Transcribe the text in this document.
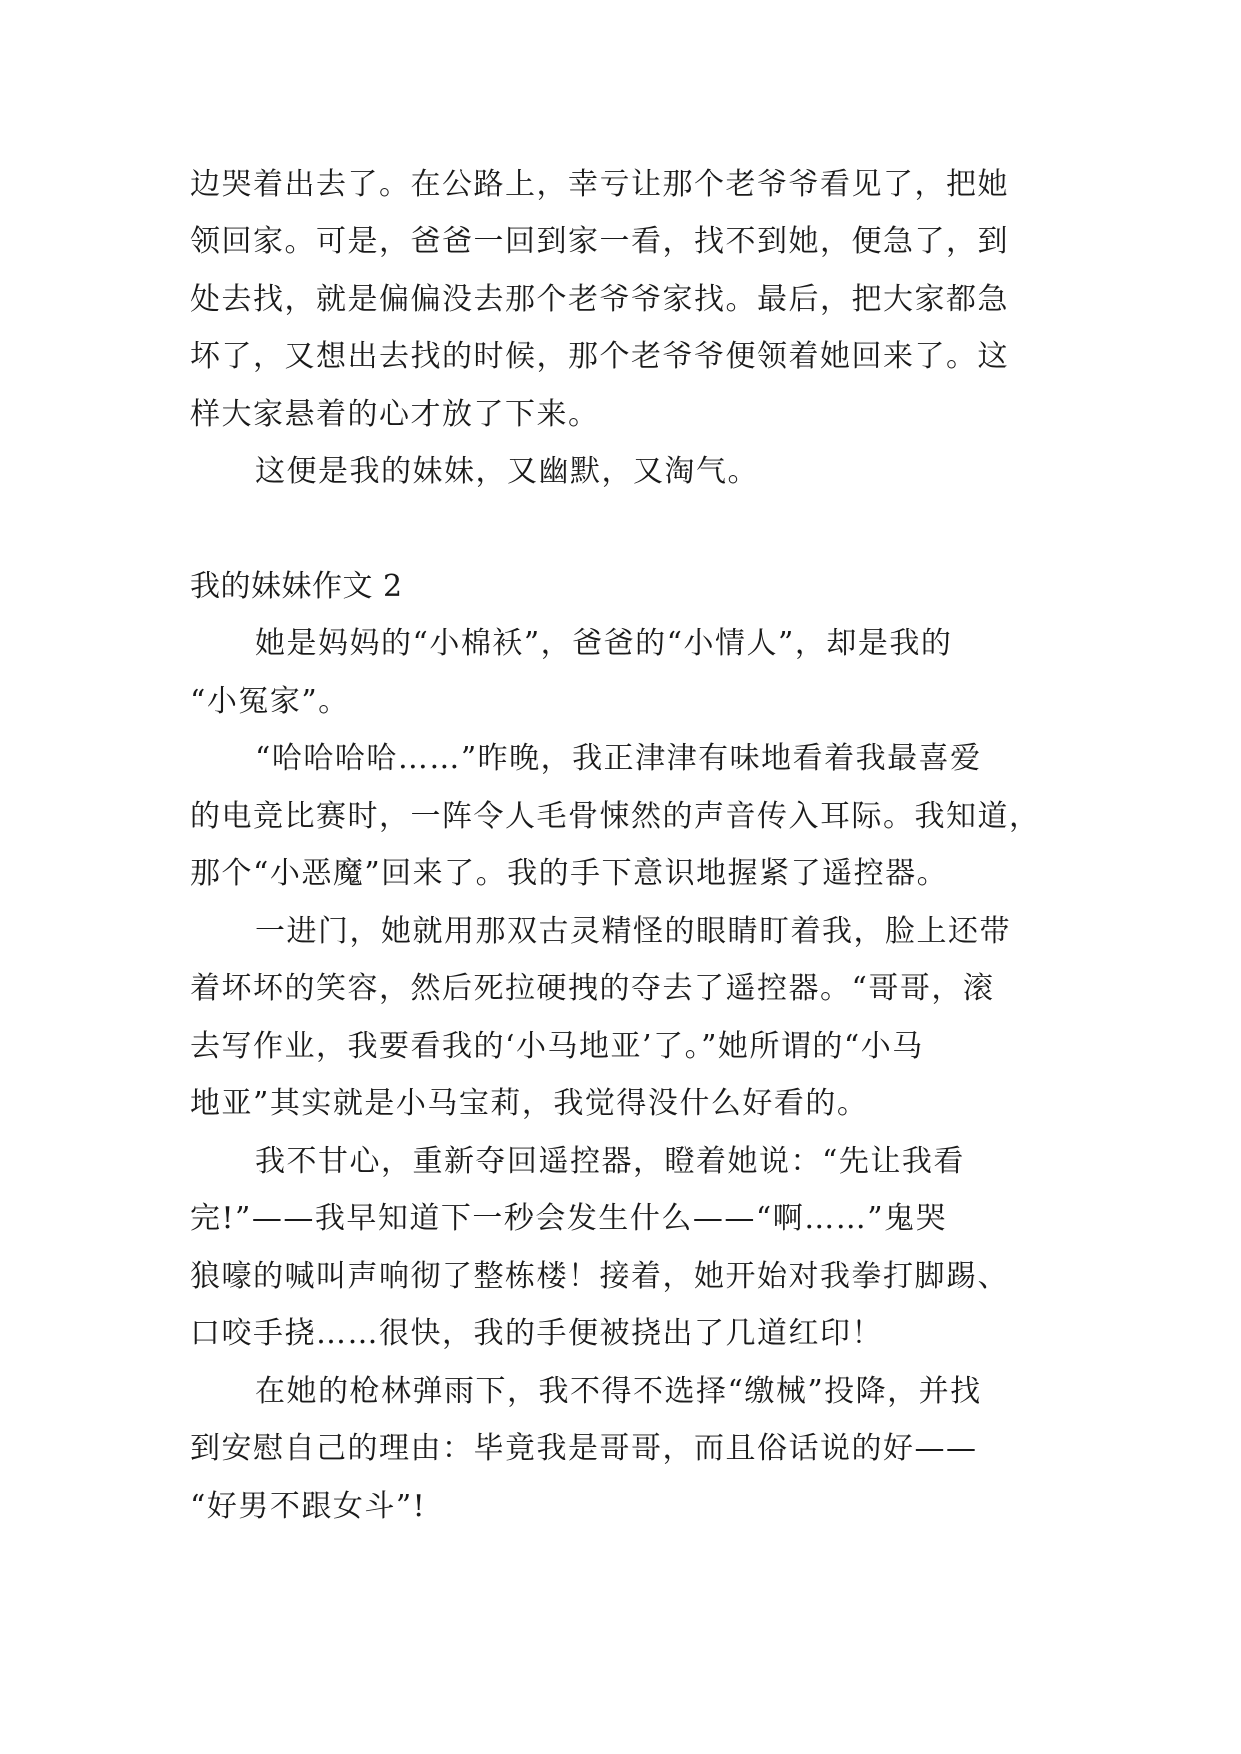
边哭着出去了。在公路上，幸亏让那个老爷爷看见了，把她
领回家。可是，爸爸一回到家一看，找不到她，便急了，到
处去找，就是偏偏没去那个老爷爷家找。最后，把大家都急
坏了，又想出去找的时候，那个老爷爷便领着她回来了。这
样大家悬着的心才放了下来。
这便是我的妹妹，又幽默，又淘气。
我的妹妹作文 2
她是妈妈的“小棉袄”，爸爸的“小情人”，却是我的
“小冤家”。
“哈哈哈哈……”昨晚，我正津津有味地看着我最喜爱
的电竞比赛时，一阵令人毛骨悚然的声音传入耳际。我知道，
那个“小恶魔”回来了。我的手下意识地握紧了遥控器。
一进门，她就用那双古灵精怪的眼睛盯着我，脸上还带
着坏坏的笑容，然后死拉硬拽的夺去了遥控器。“哥哥，滚
去写作业，我要看我的‘小马地亚’了。”她所谓的“小马
地亚”其实就是小马宝莉，我觉得没什么好看的。
我不甘心，重新夺回遥控器，瞪着她说：“先让我看
完!”——我早知道下一秒会发生什么——“啊……”鬼哭
狼嚎的喊叫声响彻了整栋楼！接着，她开始对我拳打脚踢、
口咬手挠……很快，我的手便被挠出了几道红印！
在她的枪林弹雨下，我不得不选择“缴械”投降，并找
到安慰自己的理由：毕竟我是哥哥，而且俗话说的好——
“好男不跟女斗”!
